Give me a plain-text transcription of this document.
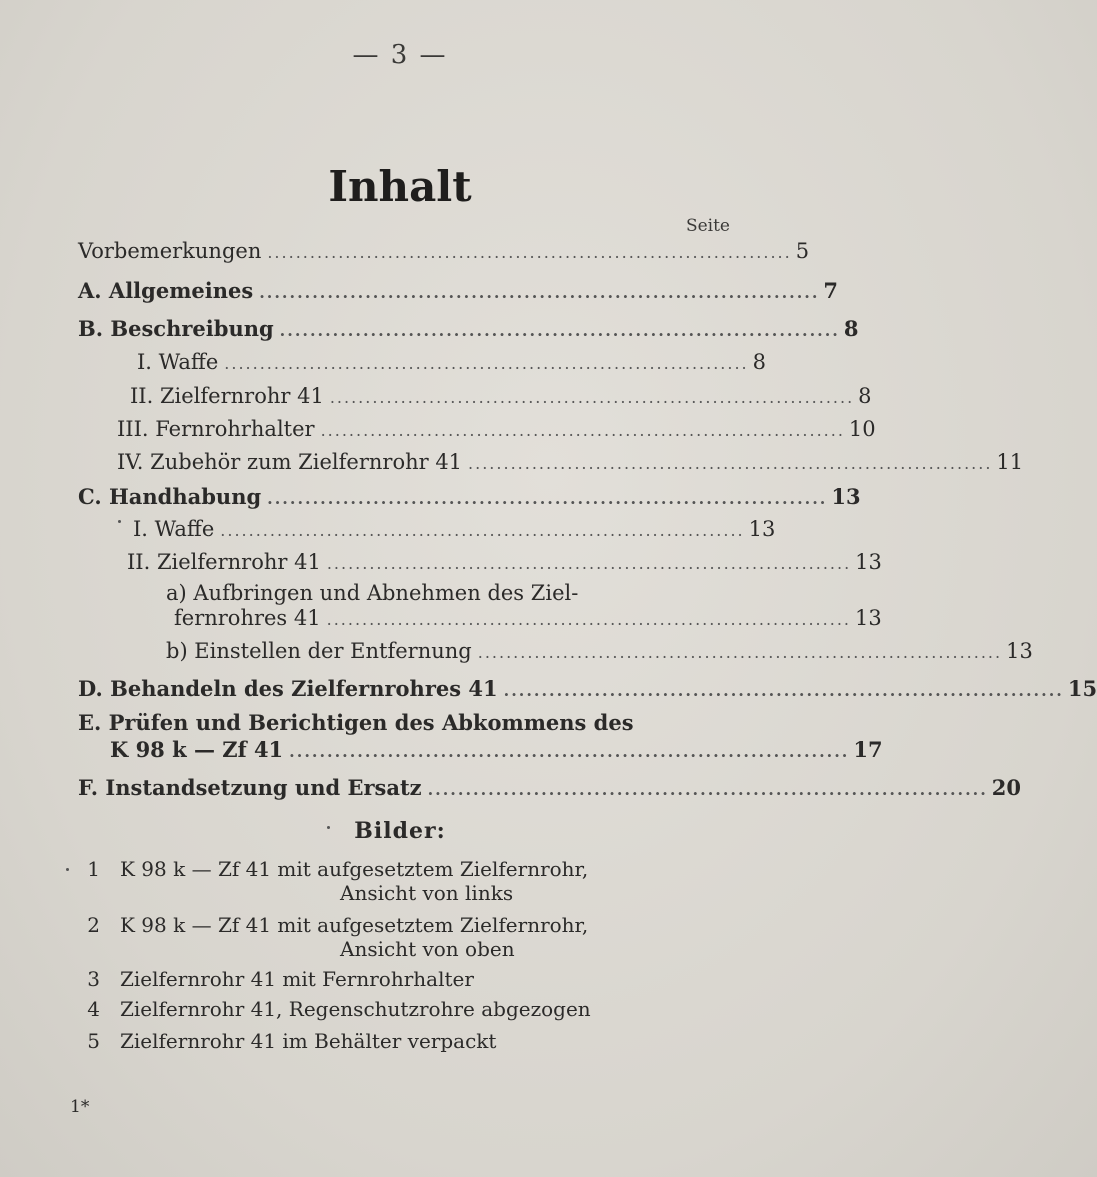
— 3 —
Inhalt
Seite
Vorbemerkungen .......................................................................... 5
A. Allgemeines .......................................................................... 7
B. Beschreibung .......................................................................... 8
I. Waffe .......................................................................... 8
II. Zielfernrohr 41 .......................................................................... 8
III. Fernrohrhalter .......................................................................... 10
IV. Zubehör zum Zielfernrohr 41 .......................................................................... 11
C. Handhabung .......................................................................... 13
I. Waffe .......................................................................... 13
II. Zielfernrohr 41 .......................................................................... 13
a) Aufbringen und Abnehmen des Ziel-
fernrohres 41 .......................................................................... 13
b) Einstellen der Entfernung .......................................................................... 13
D. Behandeln des Zielfernrohres 41 .......................................................................... 15
E. Prüfen und Berichtigen des Abkommens des
K 98 k — Zf 41 .......................................................................... 17
F. Instandsetzung und Ersatz .......................................................................... 20
Bilder:
1 K 98 k — Zf 41 mit aufgesetztem Zielfernrohr,
Ansicht von links
2 K 98 k — Zf 41 mit aufgesetztem Zielfernrohr,
Ansicht von oben
3 Zielfernrohr 41 mit Fernrohrhalter
4 Zielfernrohr 41, Regenschutzrohre abgezogen
5 Zielfernrohr 41 im Behälter verpackt
1*
